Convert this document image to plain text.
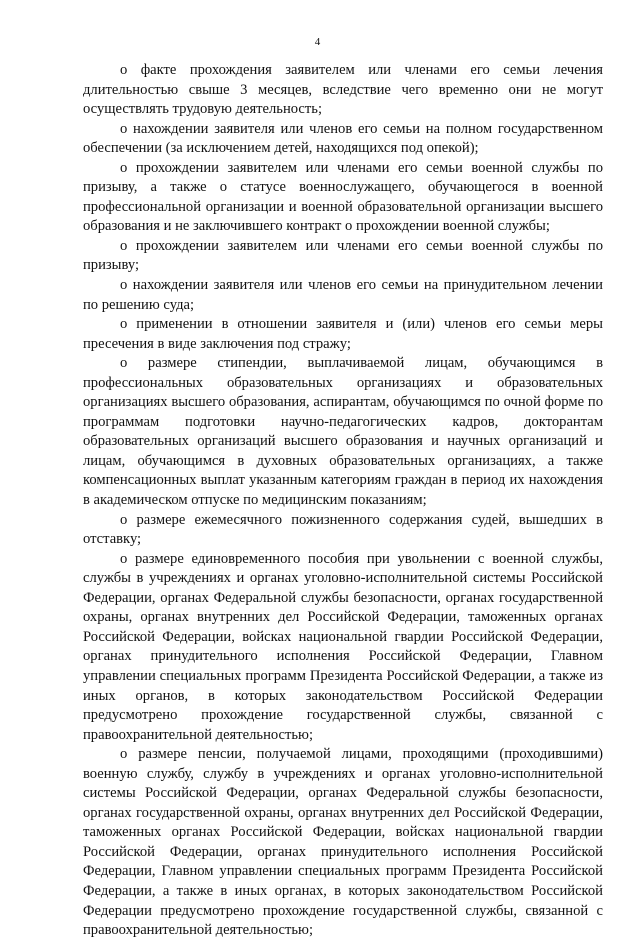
4

о факте прохождения заявителем или членами его семьи лечения длительностью свыше 3 месяцев, вследствие чего временно они не могут осуществлять трудовую деятельность;

о нахождении заявителя или членов его семьи на полном государственном обеспечении (за исключением детей, находящихся под опекой);

о прохождении заявителем или членами его семьи военной службы по призыву, а также о статусе военнослужащего, обучающегося в военной профессиональной организации и военной образовательной организации высшего образования и не заключившего контракт о прохождении военной службы;

о прохождении заявителем или членами его семьи военной службы по призыву;

о нахождении заявителя или членов его семьи на принудительном лечении по решению суда;

о применении в отношении заявителя и (или) членов его семьи меры пресечения в виде заключения под стражу;

о размере стипендии, выплачиваемой лицам, обучающимся в профессиональных образовательных организациях и образовательных организациях высшего образования, аспирантам, обучающимся по очной форме по программам подготовки научно-педагогических кадров, докторантам образовательных организаций высшего образования и научных организаций и лицам, обучающимся в духовных образовательных организациях, а также компенсационных выплат указанным категориям граждан в период их нахождения в академическом отпуске по медицинским показаниям;

о размере ежемесячного пожизненного содержания судей, вышедших в отставку;

о размере единовременного пособия при увольнении с военной службы, службы в учреждениях и органах уголовно-исполнительной системы Российской Федерации, органах Федеральной службы безопасности, органах государственной охраны, органах внутренних дел Российской Федерации, таможенных органах Российской Федерации, войсках национальной гвардии Российской Федерации, органах принудительного исполнения Российской Федерации, Главном управлении специальных программ Президента Российской Федерации, а также из иных органов, в которых законодательством Российской Федерации предусмотрено прохождение государственной службы, связанной с правоохранительной деятельностью;

о размере пенсии, получаемой лицами, проходящими (проходившими) военную службу, службу в учреждениях и органах уголовно-исполнительной системы Российской Федерации, органах Федеральной службы безопасности, органах государственной охраны, органах внутренних дел Российской Федерации, таможенных органах Российской Федерации, войсках национальной гвардии Российской Федерации, органах принудительного исполнения Российской Федерации, Главном управлении специальных программ Президента Российской Федерации, а также в иных органах, в которых законодательством Российской Федерации предусмотрено прохождение государственной службы, связанной с правоохранительной деятельностью;
